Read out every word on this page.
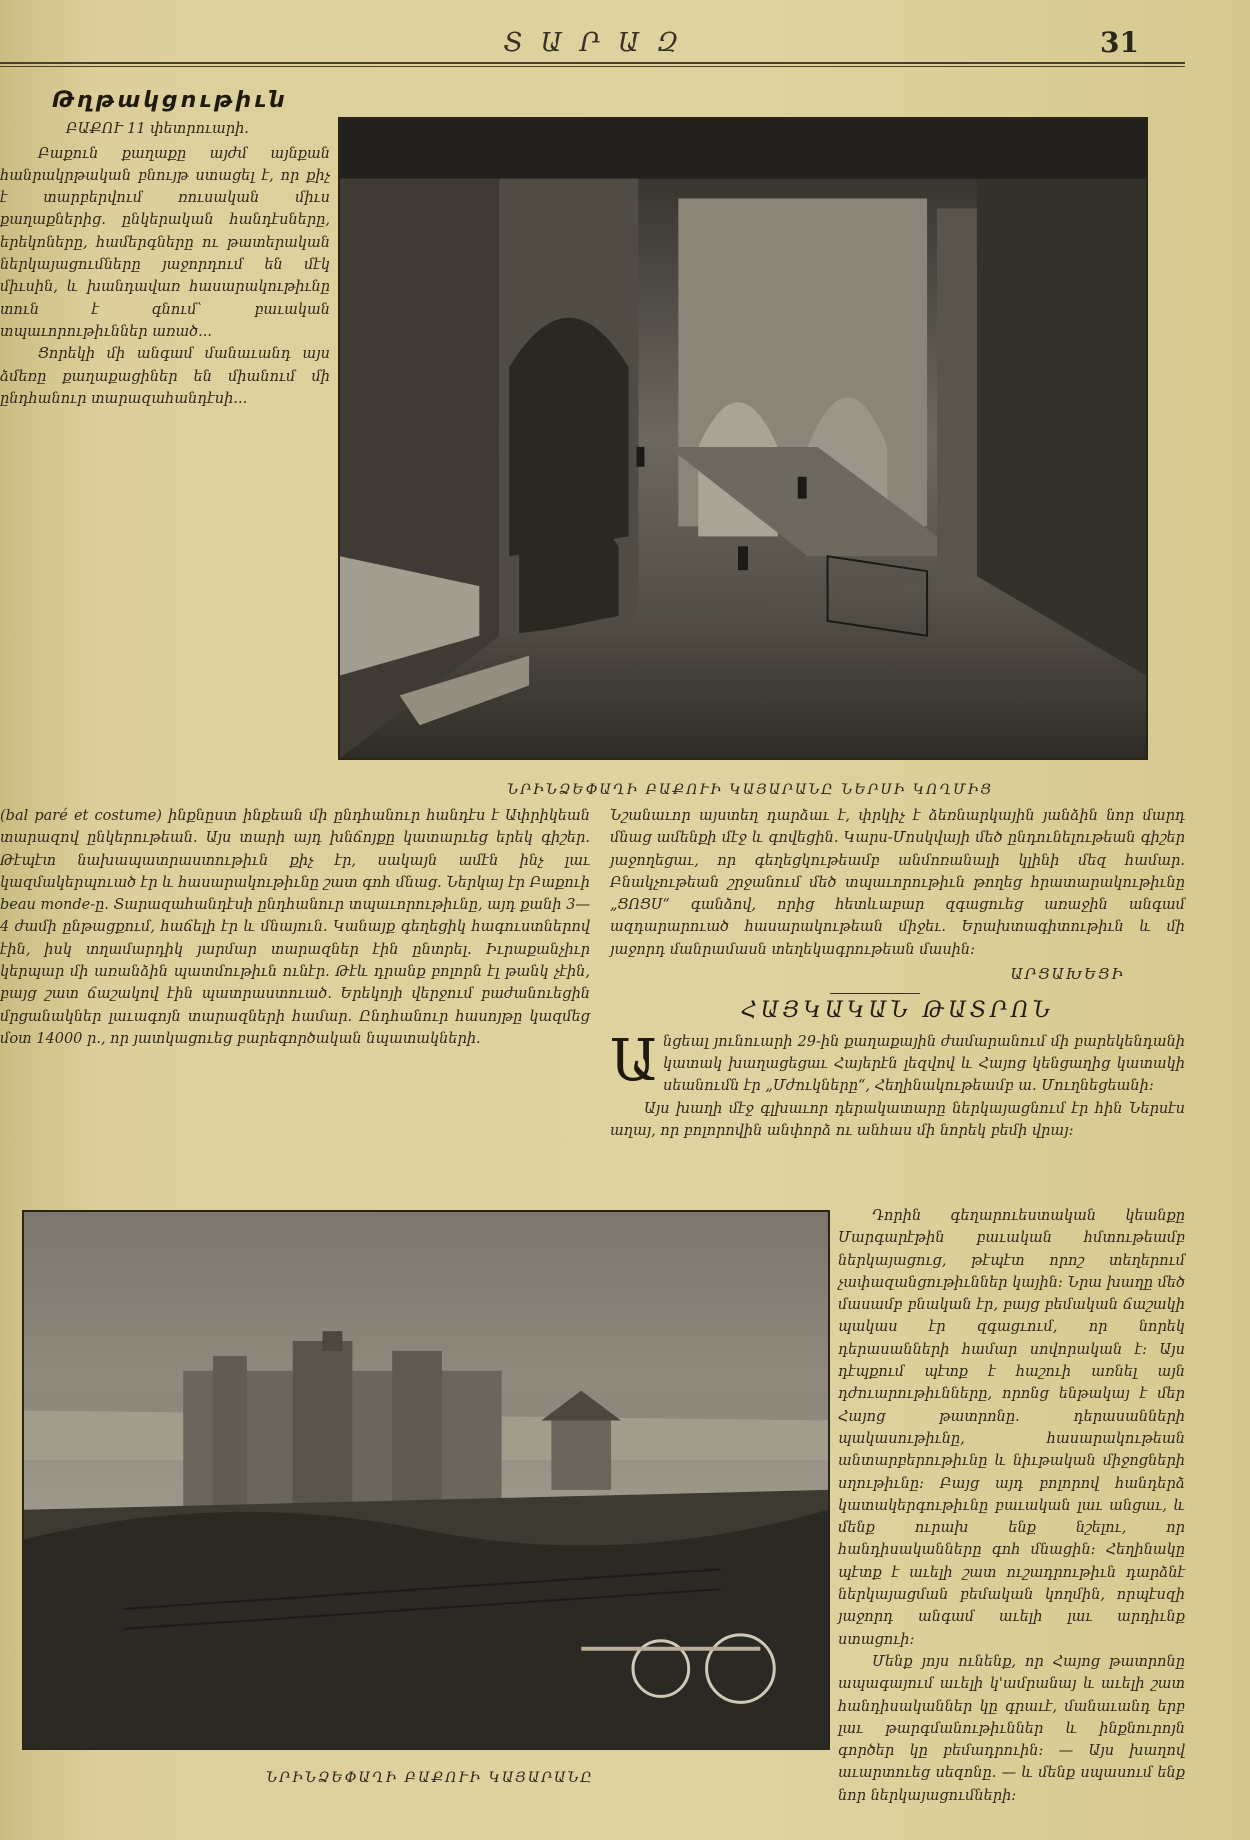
ՏԱՐԱԶ	31
Թղթակցութիւն
ԲԱՔՈՒ 11 փետրուարի.

Բաքուն քաղաքը այժմ այնքան հանրակրթական բնույթ ստացել է, որ քիչ է տարբերվում ռուսական միւս քաղաքներից. ընկերական հանդէսները, երեկոները, համերգները ու թատերական ներկայացումները յաջորդում են մէկ միւսին, և խանդավառ հասարակութիւնը տուն է գնում՝ բաւական տպաւորութիւններ առած...

Ցորեկի մի անգամ մանաւանդ այս ձմեռը քաղաքացիներ են միանում մի ընդհանուր տարազահանդէսի...

ՆՐԻՆՁԵՓԱՂԻ ԲԱՔՈՒԻ ԿԱՅԱՐԱՆԸ ՆԵՐՍԻ ԿՈՂՄԻՑ

(bal paré et costume) ինքնըստ ինքեան մի ընդհանուր հանդէս է Ափրիկեան տարազով ընկերութեան. Այս տարի այդ խնճոյքը կատարւեց երեկ գիշեր. Թէպէտ նախապատրաստութիւն քիչ էր, սակայն ամէն ինչ լաւ կազմակերպուած էր և հասարակութիւնը շատ գոհ մնաց. Ներկայ էր Բաքուի beau monde-ը. Տարազահանդէսի ընդհանուր տպաւորութիւնը, այդ քանի 3—4 ժամի ընթացքում, հաճելի էր և մնայուն. Կանայք գեղեցիկ հագուստներով էին, իսկ տղամարդիկ յարմար տարազներ էին ընտրել. Իւրաքանչիւր կերպար մի առանձին պատմութիւն ունէր. Թէև դրանք բոլորն էլ թանկ չէին, բայց շատ ճաշակով էին պատրաստուած. Երեկոյի վերջում բաժանուեցին մրցանակներ լաւագոյն տարազների համար. Ընդհանուր հասոյթը կազմեց մօտ 14000 ր., որ յատկացուեց բարեգործական նպատակների.

Նշանաւոր այստեղ դարձաւ է, փրկիչ է ձեռնարկային յանձին նոր մարդ մնաց ամենքի մէջ և գովեցին. Կարս-Մոսկվայի մեծ ընդունելութեան գիշեր յաջողեցաւ, որ գեղեցկութեամբ անմոռանալի կլինի մեզ համար. Բնակչութեան շրջանում մեծ տպաւորութիւն թողեց հրատարակութիւնը „ՑՈՑՍ“ գանձով, որից հետևաբար զգացուեց առաջին անգամ ազդարարուած հասարակութեան միջեւ. Երախտագիտութիւն և մի յաջորդ մանրամասն տեղեկագրութեան մասին:

ԱՐՑԱԽԵՑԻ
ՀԱՅԿԱԿԱՆ ԹԱՏՐՈՆ
Ա նցեալ յունուարի 29-ին քաղաքային ժամարանում մի բարեկենդանի կատակ խաղացեցաւ Հայերէն լեզվով և Հայոց կենցաղից կատակի սեանումն էր „Մժուկները“, Հեղինակութեամբ ա. Մուղնեցեանի:

Այս խաղի մէջ գլխաւոր դերակատարը ներկայացնում էր հին Ներսէս աղայ, որ բոլորովին անփորձ ու անհաս մի նորեկ բեմի վրայ:

ՆՐԻՆՁԵՓԱՂԻ ԲԱՔՈՒԻ ԿԱՅԱՐԱՆԸ

Դորին գեղարուեստական կեանքը Մարգարէթին բաւական հմտութեամբ ներկայացուց, թէպէտ որոշ տեղերում չափազանցութիւններ կային: Նրա խաղը մեծ մասամբ բնական էր, բայց բեմական ճաշակի պակաս էր զգացւում, որ նորեկ դերասանների համար սովորական է: Այս դէպքում պէտք է հաշուի առնել այն դժուարութիւնները, որոնց ենթակայ է մեր Հայոց թատրոնը. դերասանների պակասութիւնը, հասարակութեան անտարբերութիւնը և նիւթական միջոցների սղութիւնը: Բայց այդ բոլորով հանդերձ կատակերգութիւնը բաւական լաւ անցաւ, և մենք ուրախ ենք նշելու, որ հանդիսականները գոհ մնացին: Հեղինակը պէտք է աւելի շատ ուշադրութիւն դարձնէ ներկայացման բեմական կողմին, որպէսզի յաջորդ անգամ աւելի լաւ արդիւնք ստացուի:

Մենք յոյս ունենք, որ Հայոց թատրոնը ապագայում աւելի կ'ամրանայ և աւելի շատ հանդիսականներ կը գրաւէ, մանաւանդ երբ լաւ թարգմանութիւններ և ինքնուրոյն գործեր կը բեմադրուին: — Այս խաղով աւարտուեց սեզոնը. — և մենք սպասում ենք նոր ներկայացումների:
